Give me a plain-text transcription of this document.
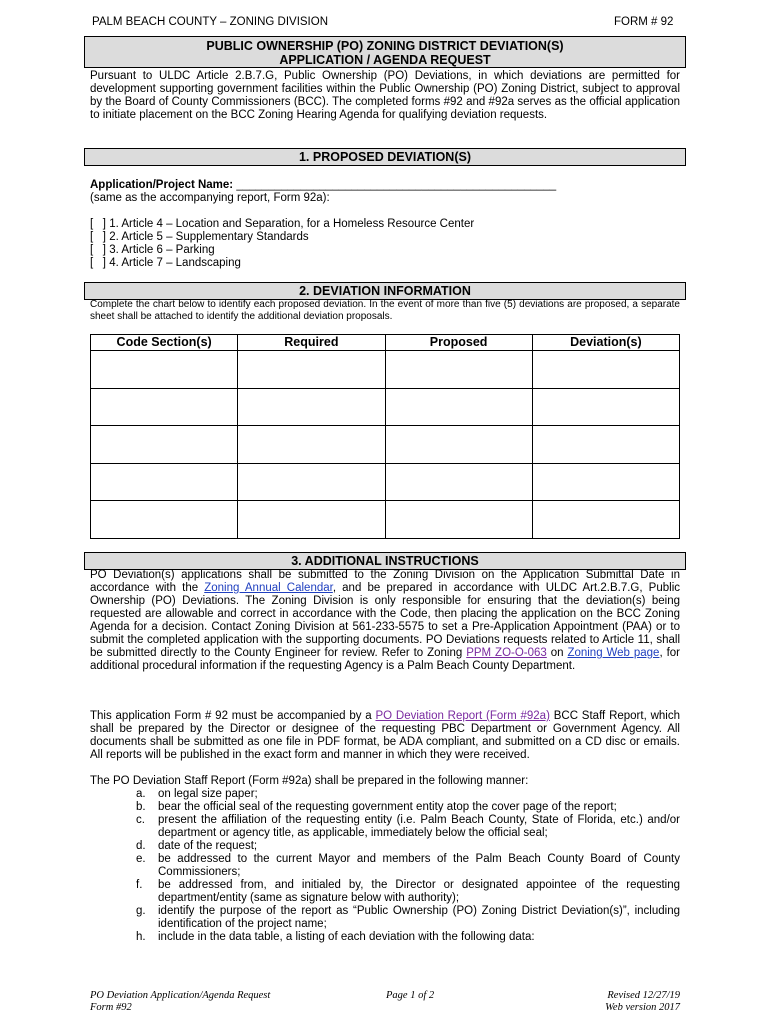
PALM BEACH COUNTY – ZONING DIVISION	FORM # 92
PUBLIC OWNERSHIP (PO) ZONING DISTRICT DEVIATION(S)
APPLICATION / AGENDA REQUEST
Pursuant to ULDC Article 2.B.7.G, Public Ownership (PO) Deviations, in which deviations are permitted for development supporting government facilities within the Public Ownership (PO) Zoning District, subject to approval by the Board of County Commissioners (BCC). The completed forms #92 and #92a serves as the official application to initiate placement on the BCC Zoning Hearing Agenda for qualifying deviation requests.
1. PROPOSED DEVIATION(S)
Application/Project Name: __________________________________________________
(same as the accompanying report, Form 92a):
[   ] 1. Article 4 – Location and Separation, for a Homeless Resource Center
[   ] 2. Article 5 – Supplementary Standards
[   ] 3. Article 6 – Parking
[   ] 4. Article 7 – Landscaping
2. DEVIATION INFORMATION
Complete the chart below to identify each proposed deviation. In the event of more than five (5) deviations are proposed, a separate sheet shall be attached to identify the additional deviation proposals.
Code Section(s)	Required	Proposed	Deviation(s)

3. ADDITIONAL INSTRUCTIONS
PO Deviation(s) applications shall be submitted to the Zoning Division on the Application Submittal Date in accordance with the Zoning Annual Calendar, and be prepared in accordance with ULDC Art.2.B.7.G, Public Ownership (PO) Deviations. The Zoning Division is only responsible for ensuring that the deviation(s) being requested are allowable and correct in accordance with the Code, then placing the application on the BCC Zoning Agenda for a decision. Contact Zoning Division at 561-233-5575 to set a Pre-Application Appointment (PAA) or to submit the completed application with the supporting documents. PO Deviations requests related to Article 11, shall be submitted directly to the County Engineer for review. Refer to Zoning PPM ZO-O-063 on Zoning Web page, for additional procedural information if the requesting Agency is a Palm Beach County Department.
This application Form # 92 must be accompanied by a PO Deviation Report (Form #92a) BCC Staff Report, which shall be prepared by the Director or designee of the requesting PBC Department or Government Agency. All documents shall be submitted as one file in PDF format, be ADA compliant, and submitted on a CD disc or emails. All reports will be published in the exact form and manner in which they were received.
The PO Deviation Staff Report (Form #92a) shall be prepared in the following manner:
a.	on legal size paper;
b.	bear the official seal of the requesting government entity atop the cover page of the report;
c.	present the affiliation of the requesting entity (i.e. Palm Beach County, State of Florida, etc.) and/or department or agency title, as applicable, immediately below the official seal;
d.	date of the request;
e.	be addressed to the current Mayor and members of the Palm Beach County Board of County Commissioners;
f.	be addressed from, and initialed by, the Director or designated appointee of the requesting department/entity (same as signature below with authority);
g.	identify the purpose of the report as “Public Ownership (PO) Zoning District Deviation(s)”, including identification of the project name;
h.	include in the data table, a listing of each deviation with the following data:
PO Deviation Application/Agenda Request
Form #92
Page 1 of 2	Revised 12/27/19
Web version 2017
